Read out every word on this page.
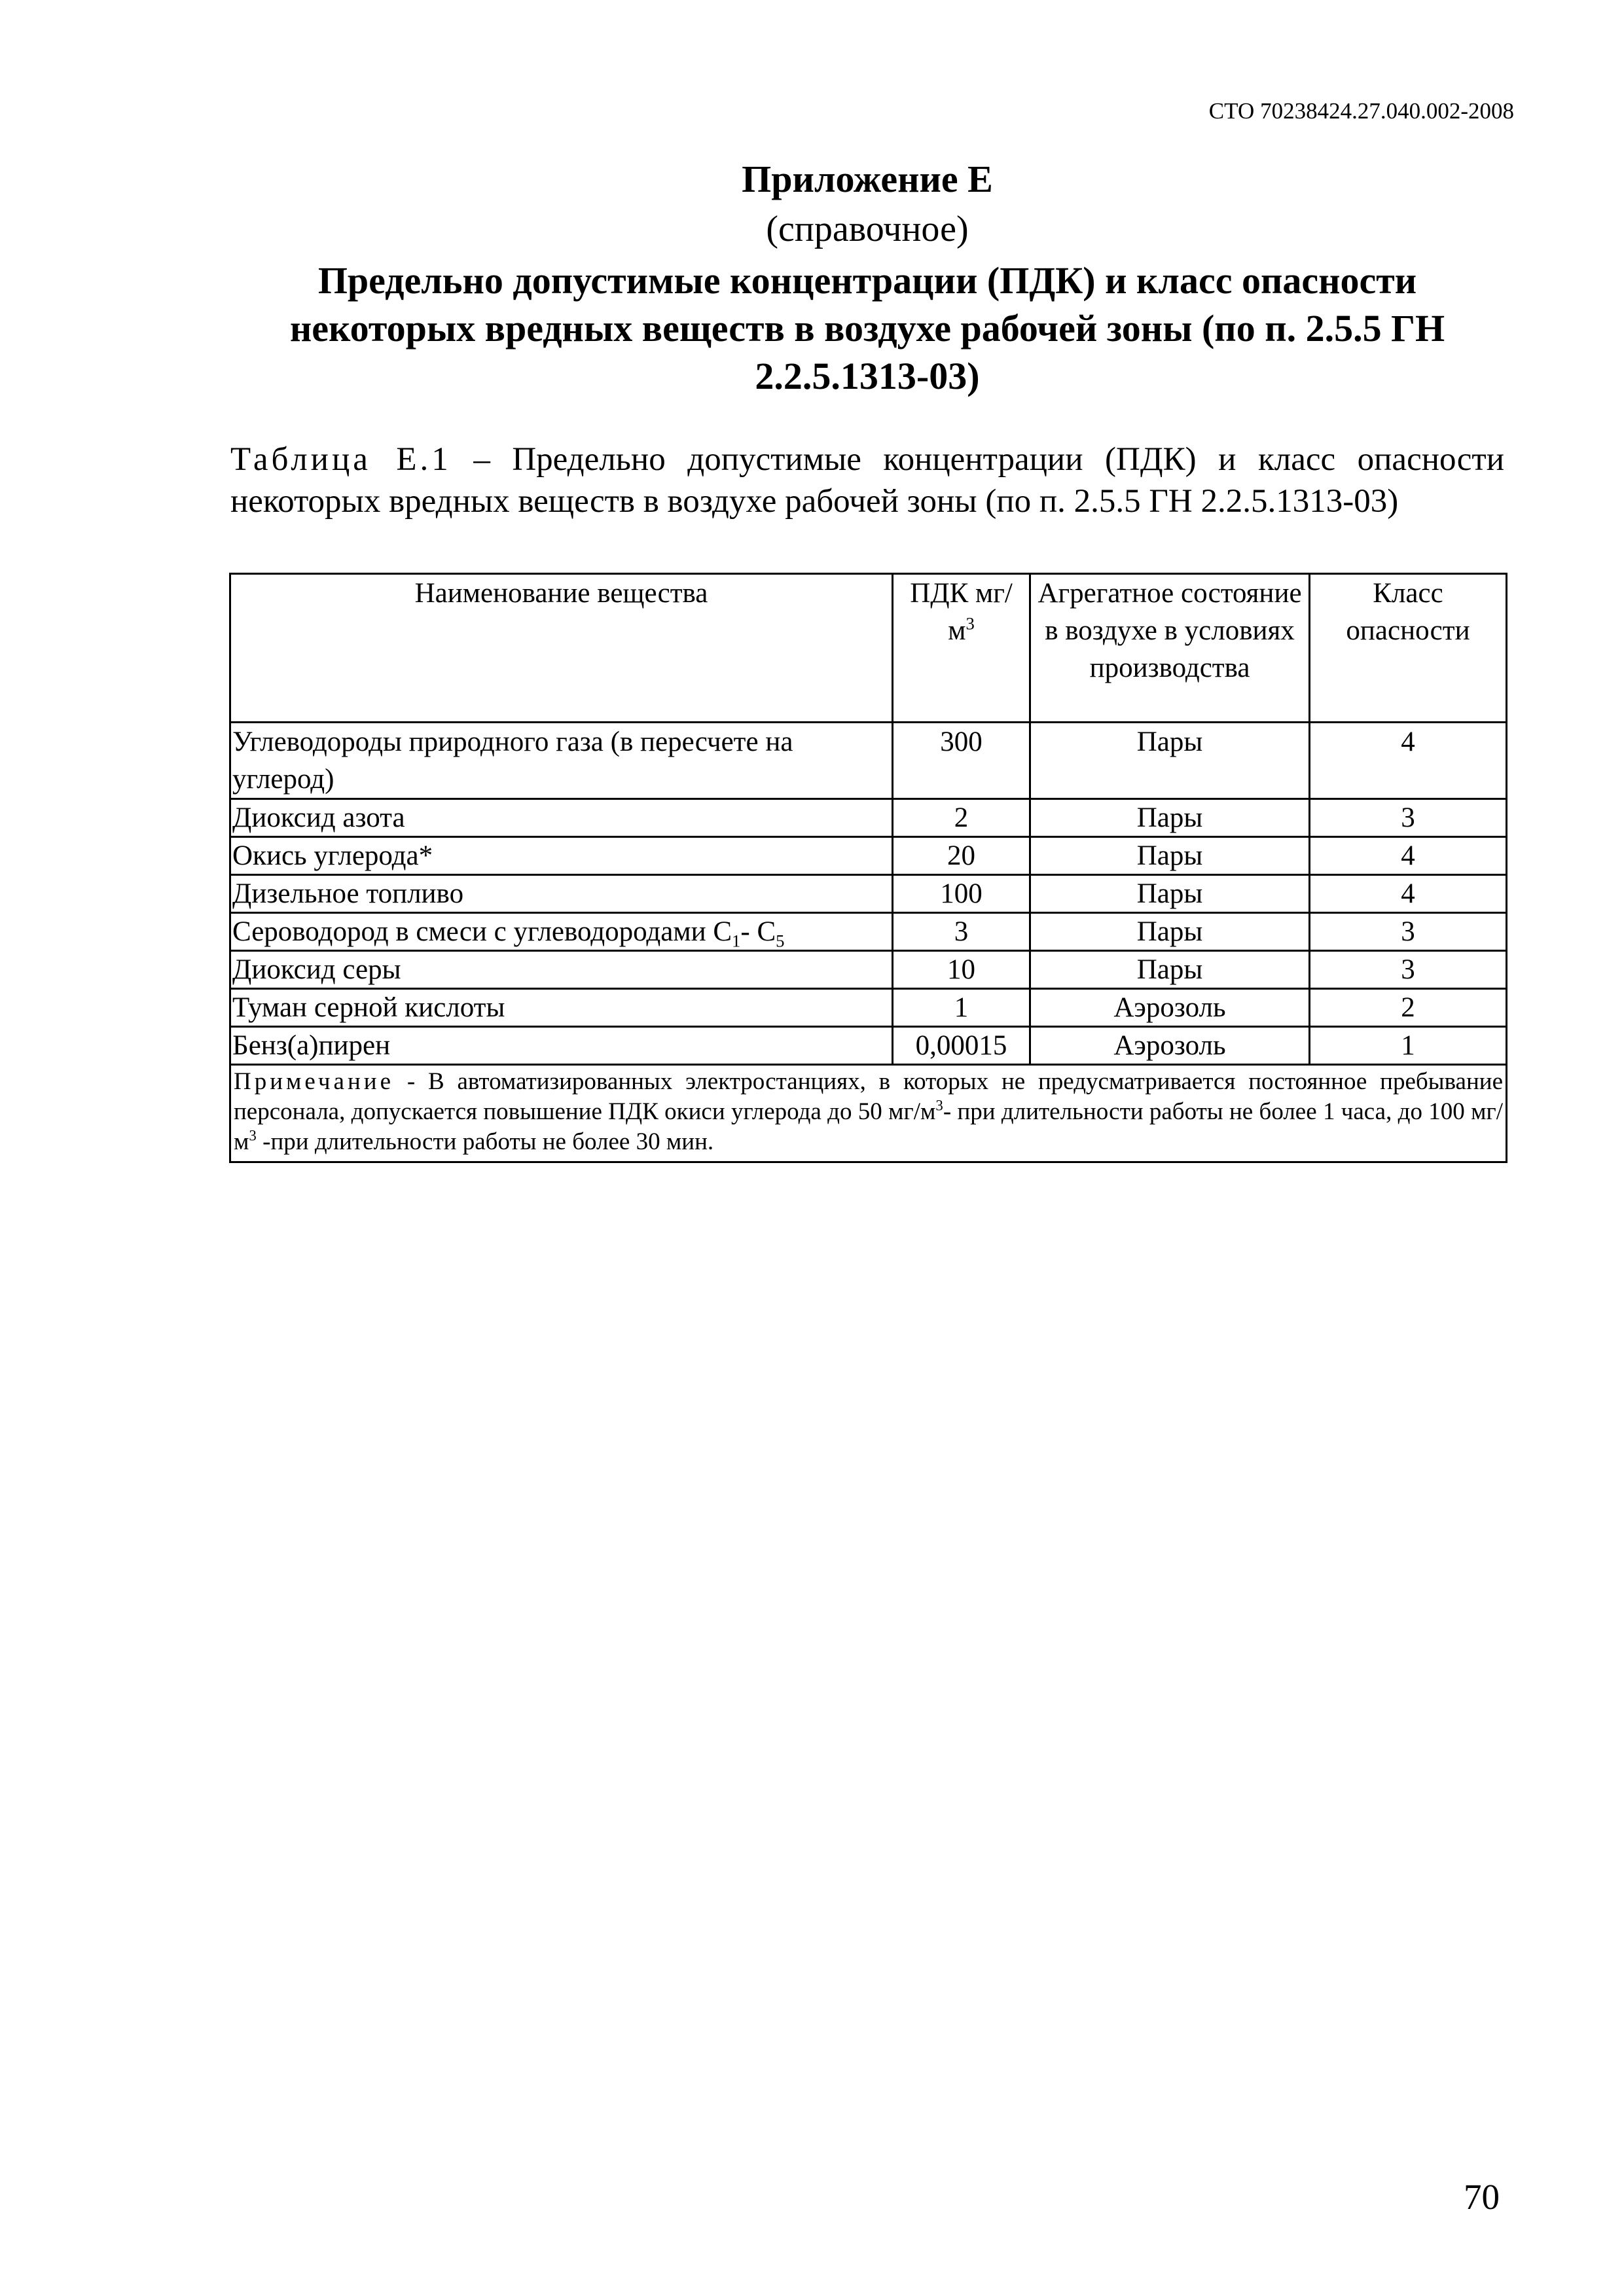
СТО 70238424.27.040.002-2008
Приложение Е
(справочное)
Предельно допустимые концентрации (ПДК) и класс опасности некоторых вредных веществ в воздухе рабочей зоны (по п. 2.5.5 ГН 2.2.5.1313-03)
Таблица Е.1 – Предельно допустимые концентрации (ПДК) и класс опасности некоторых вредных веществ в воздухе рабочей зоны (по п. 2.5.5 ГН 2.2.5.1313-03)
Наименование вещества	ПДК мг/ $м^3$	Агрегатное состояние в воздухе в условиях производства	Класс опасности
Углеводороды природного газа (в пересчете на углерод)	300	Пары	4
Диоксид азота	2	Пары	3
Окись углерода*	20	Пары	4
Дизельное топливо	100	Пары	4
Сероводород в смеси с углеводородами $С_1-$ $С_5$	3	Пары	3
Диоксид серы	10	Пары	3
Туман серной кислоты	1	Аэрозоль	2
Бенз(а)пирен	0,00015	Аэрозоль	1
Примечание - В автоматизированных электростанциях, в которых не предусматривается постоянное пребывание персонала, допускается повышение ПДК окиси углерода до 50 $мг/м^3-$ при длительности работы не более 1 часа, до 100 $мг/м^3$ -при длительности работы не более 30 мин.			
70
